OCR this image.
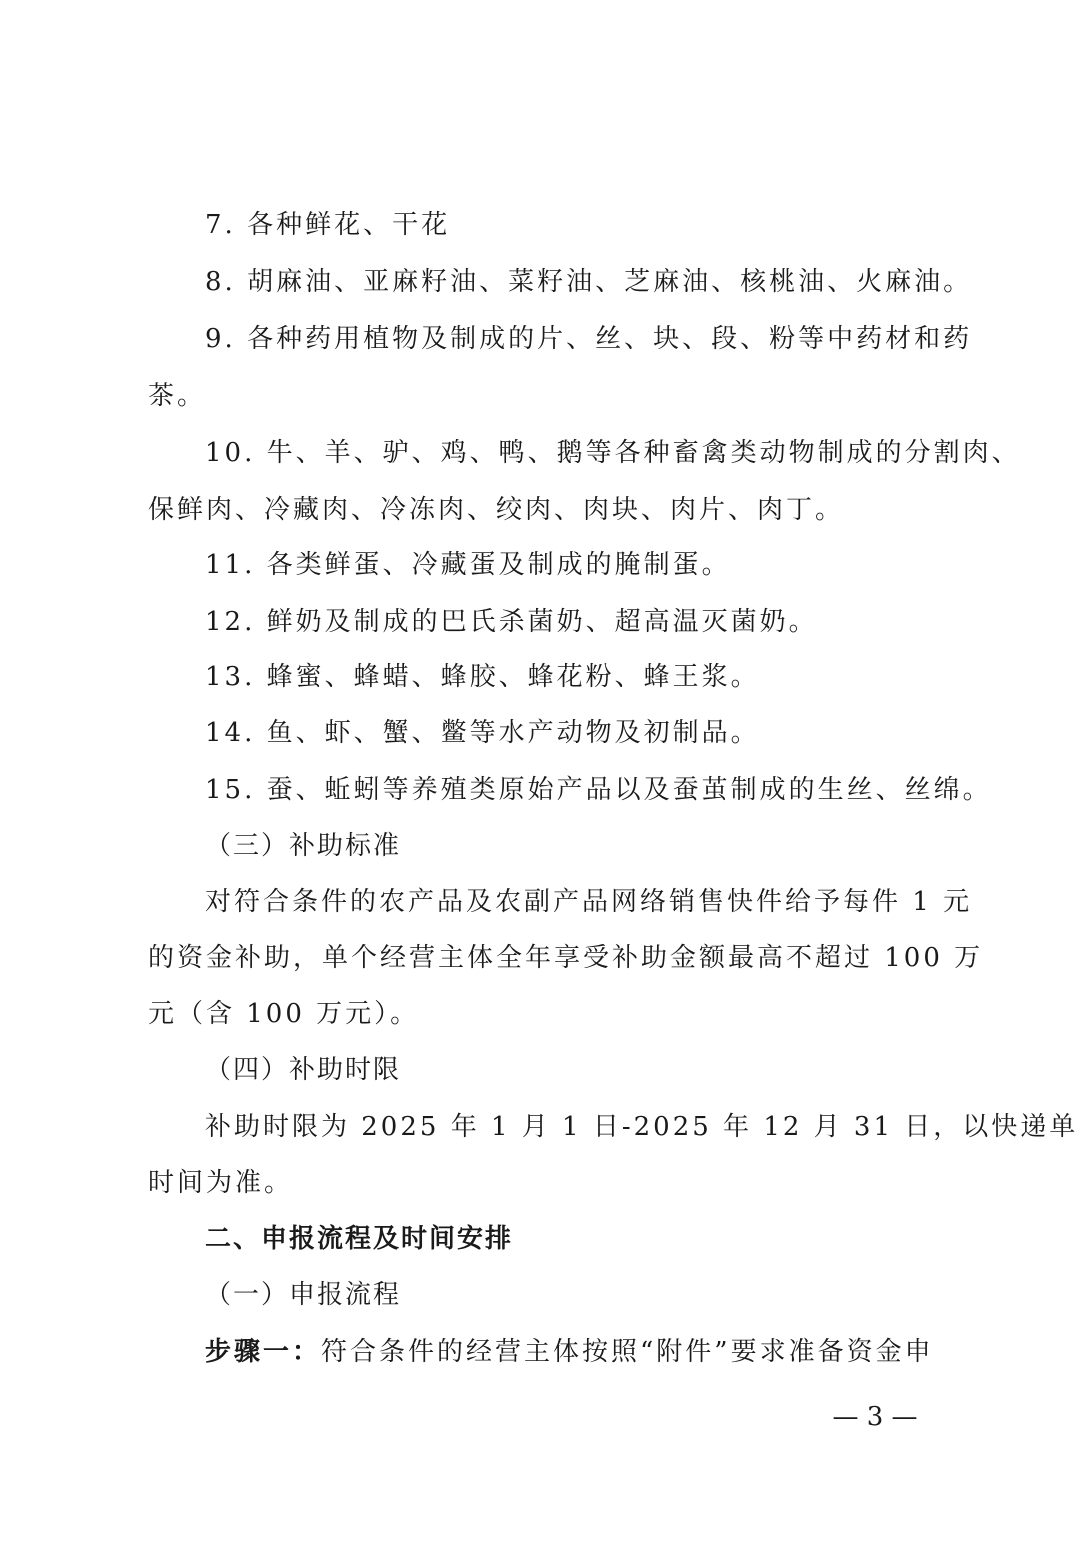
7. 各种鲜花、干花
8. 胡麻油、亚麻籽油、菜籽油、芝麻油、核桃油、火麻油。
9. 各种药用植物及制成的片、丝、块、段、粉等中药材和药
茶。
10. 牛、羊、驴、鸡、鸭、鹅等各种畜禽类动物制成的分割肉、
保鲜肉、冷藏肉、冷冻肉、绞肉、肉块、肉片、肉丁。
11. 各类鲜蛋、冷藏蛋及制成的腌制蛋。
12. 鲜奶及制成的巴氏杀菌奶、超高温灭菌奶。
13. 蜂蜜、蜂蜡、蜂胶、蜂花粉、蜂王浆。
14. 鱼、虾、蟹、鳖等水产动物及初制品。
15. 蚕、蚯蚓等养殖类原始产品以及蚕茧制成的生丝、丝绵。
（三）补助标准
对符合条件的农产品及农副产品网络销售快件给予每件 1 元
的资金补助，单个经营主体全年享受补助金额最高不超过 100 万
元（含 100 万元）。
（四）补助时限
补助时限为 2025 年 1 月 1 日-2025 年 12 月 31 日，以快递单
时间为准。
二、申报流程及时间安排
（一）申报流程
步骤一：符合条件的经营主体按照“附件”要求准备资金申
— 3 —
